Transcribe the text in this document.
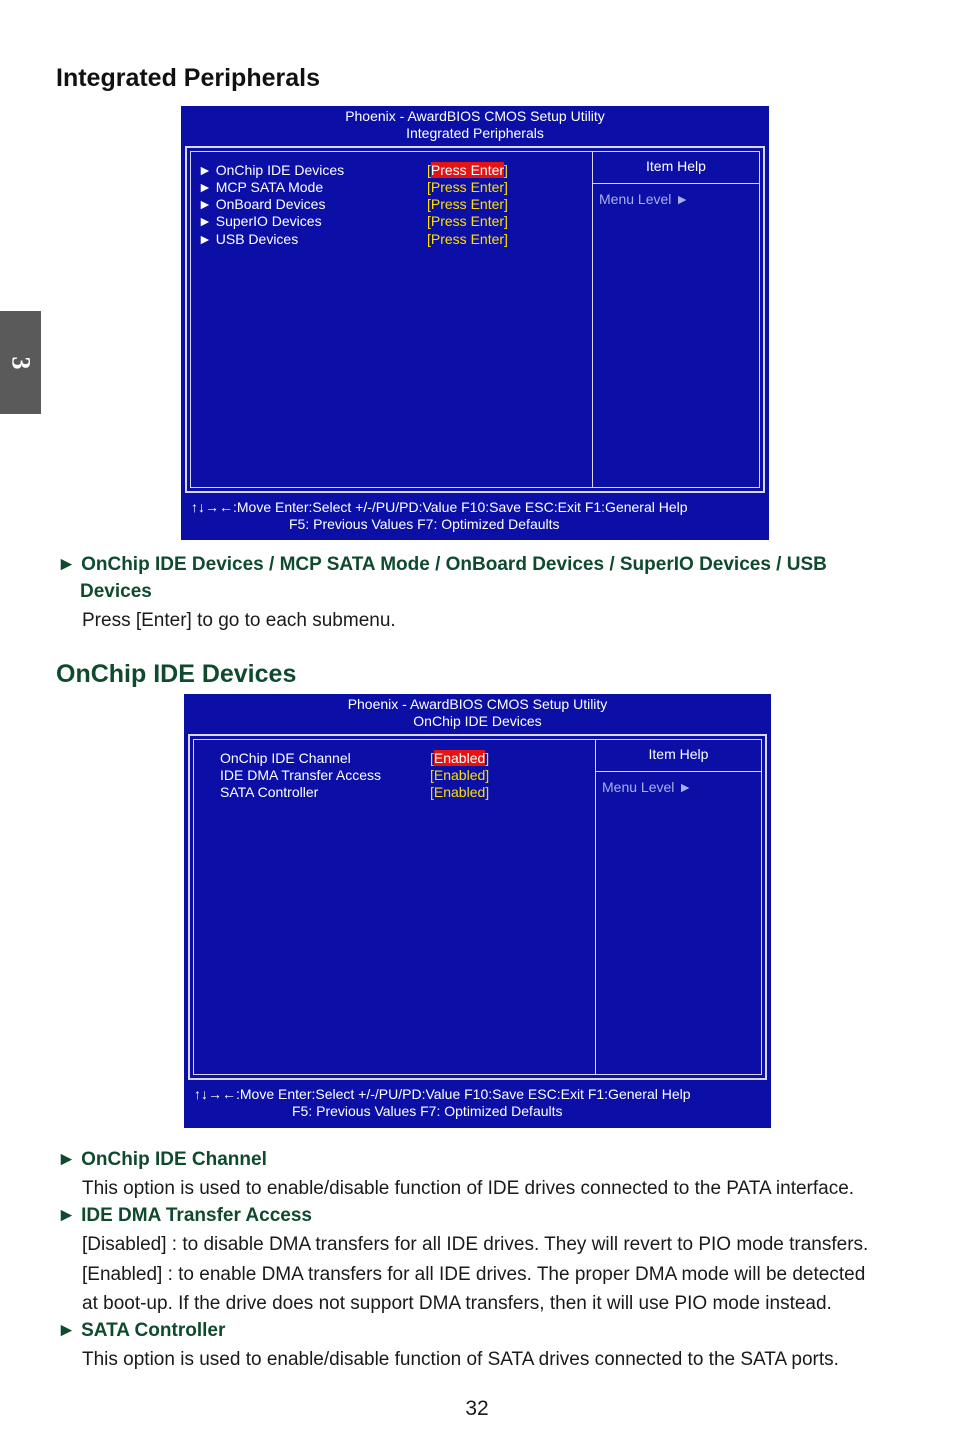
3
Integrated Peripherals
Phoenix - AwardBIOS CMOS Setup Utility
Integrated Peripherals
► OnChip IDE Devices	[Press Enter]
► MCP SATA Mode	[Press Enter]
► OnBoard Devices	[Press Enter]
► SuperIO Devices	[Press Enter]
► USB Devices	[Press Enter]
Item Help
Menu Level ►
↑↓→←:Move Enter:Select +/-/PU/PD:Value F10:Save ESC:Exit F1:General Help
F5: Previous Values F7: Optimized Defaults
► OnChip IDE Devices / MCP SATA Mode / OnBoard Devices / SuperIO Devices / USB
Devices
Press [Enter] to go to each submenu.
OnChip IDE Devices
Phoenix - AwardBIOS CMOS Setup Utility
OnChip IDE Devices
OnChip IDE Channel	[Enabled]
IDE DMA Transfer Access	[Enabled]
SATA Controller	[Enabled]
Item Help
Menu Level ►
↑↓→←:Move Enter:Select +/-/PU/PD:Value F10:Save ESC:Exit F1:General Help
F5: Previous Values F7: Optimized Defaults
► OnChip IDE Channel
This option is used to enable/disable function of IDE drives connected to the PATA interface.
► IDE DMA Transfer Access
[Disabled] : to disable DMA transfers for all IDE drives. They will revert to PIO mode transfers.
[Enabled] : to enable DMA transfers for all IDE drives. The proper DMA mode will be detected
at boot-up. If the drive does not support DMA transfers, then it will use PIO mode instead.
► SATA Controller
This option is used to enable/disable function of SATA drives connected to the SATA ports.
32
